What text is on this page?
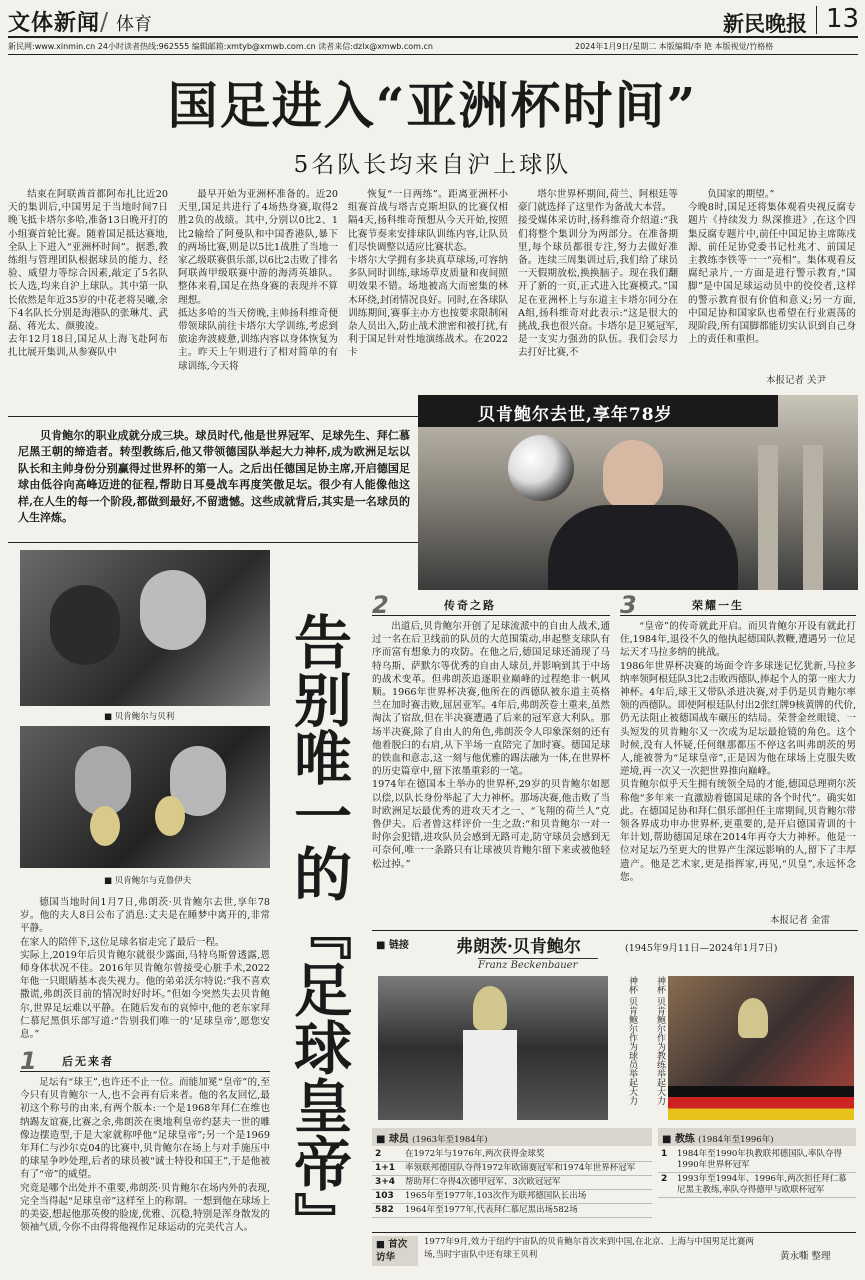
文体新闻 / 体育	新民晚报 13
新民网:www.xinmin.cn 24小时读者热线:962555 编辑邮箱:xmtyb@xmwb.com.cn 读者来信:dzlx@xmwb.com.cn	2024年1月9日/星期二 本版编辑/李 艳 本版视觉/竹格格
国足进入“亚洲杯时间”
5名队长均来自沪上球队
结束在阿联酋首都阿布扎比近20天的集训后,中国男足于当地时间7日晚飞抵卡塔尔多哈,准备13日晚开打的小组赛首轮比赛。随着国足抵达赛地,全队上下进入“亚洲杯时间”。据悉,教练组与管理团队根据球员的能力、经验、威望力等综合因素,敲定了5名队长人选,均来自沪上球队。其中第一队长依然是年近35岁的中花老将吴曦,余下4名队长分别是海港队的张琳芃、武磊、蒋光太、颜骏凌。
去年12月18日,国足从上海飞赴阿布扎比展开集训,从参赛队中
最早开始为亚洲杯准备的。近20天里,国足共进行了4场热身赛,取得2胜2负的战绩。其中,分别以0比2、1比2输给了阿曼队和中国香港队,暴下的两场比赛,则是以5比1战胜了当地一家乙级联赛俱乐部,以6比2击败了排名阿联酋甲级联赛中游的海湾英雄队。整体来看,国足在热身赛的表现并不算理想。
抵达多哈的当天傍晚,主帅扬科维奇便带领球队前往卡塔尔大学训练,考虑到旅途奔波疲惫,训练内容以身体恢复为主。昨天上午则进行了相对简单的有球训练,今天将
恢复“一日两练”。距离亚洲杯小组赛首战与塔吉克斯坦队的比赛仅相隔4天,扬科维奇预想从今天开始,按照比赛节奏来安排球队训练内容,让队员们尽快调整以适应比赛状态。
卡塔尔大学拥有多块真草球场,可容纳多队同时训练,球场草皮质量和夜间照明效果不错。场地被高大而密集的林木环绕,封闭情况良好。同时,在各球队训练期间,赛事主办方也按要求限制闲杂人员出入,防止战术泄密和被打扰,有利于国足针对性地演练战术。在2022卡
塔尔世界杯期间,荷兰、阿根廷等豪门就选择了这里作为备战大本营。
接受媒体采访时,扬科维奇介绍道:“我们将整个集训分为两部分。在准备期里,每个球员都很专注,努力去做好准备。连续三周集训过后,我们给了球员一天假期放松,换换脑子。现在我们翻开了新的一页,正式进入比赛模式。”国足在亚洲杯上与东道主卡塔尔同分在A组,扬科维奇对此表示:“这是很大的挑战,我也很兴奋。卡塔尔是卫冕冠军,是一支实力强劲的队伍。我们会尽力去打好比赛,不
负国家的期望。”
今晚8时,国足还将集体观看央视反腐专题片《持续发力 纵深推进》,在这个四集反腐专题片中,前任中国足协主席陈戌源、前任足协党委书记杜兆才、前国足主教练李铁等一一“亮相”。集体观看反腐纪录片,一方面是进行警示教育,“国脚”是中国足球运动员中的佼佼者,这样的警示教育很有价值和意义;另一方面,中国足协和国家队也希望在行业震荡的现阶段,所有国脚都能切实认识到自己身上的责任和重担。
本报记者 关尹
贝肯鲍尔去世,享年78岁
贝肯鲍尔的职业成就分成三块。球员时代,他是世界冠军、足球先生、拜仁慕尼黑王朝的缔造者。转型教练后,他又带领德国队举起大力神杯,成为欧洲足坛以队长和主帅身份分别赢得过世界杯的第一人。之后出任德国足协主席,开启德国足球由低谷向高峰迈进的征程,帮助日耳曼战车再度笑傲足坛。很少有人能像他这样,在人生的每一个阶段,都做到最好,不留遗憾。这些成就背后,其实是一名球员的人生淬炼。
■ 贝肯鲍尔与贝利
■ 贝肯鲍尔与克鲁伊夫 告别唯一的『足球皇帝』
德国当地时间1月7日,弗朗茨·贝肯鲍尔去世,享年78岁。他的夫人8日公布了消息:丈夫是在睡梦中离开的,非常平静。
在家人的陪伴下,这位足球名宿走完了最后一程。
实际上,2019年后贝肯鲍尔就很少露面,马特乌斯曾透露,恩师身体状况不佳。2016年贝肯鲍尔曾接受心脏手术,2022年他一只眼睛基本丧失视力。他的弟弟沃尔特说:“我不喜欢撒谎,弗朗茨目前的情况时好时坏。”但如今突然失去贝肯鲍尔,世界足坛难以平静。在随后发布的哀悼中,他的老东家拜仁慕尼黑俱乐部写道:“告别我们唯一的‘足球皇帝’,愿您安息。”
1	后无来者
足坛有“球王”,也许还不止一位。而能加冕“皇帝”的,至今只有贝肯鲍尔一人,也不会再有后来者。他的名友回忆,最初这个称号的由来,有两个版本:一个是1968年拜仁在维也纳踢友谊赛,比赛之余,弗朗茨在奥地利皇帝约瑟夫一世的雕像边摆造型,于是大家就称呼他“足球皇帝”;另一个是1969年拜仁与沙尔克04的比赛中,贝肯鲍尔在场上与对手施压中的球星争吵处理,后者的球员被“诚士特役和国王”,于是他被有了“帝”的威望。
究竟是哪个出处并不重要,弗朗茨·贝肯鲍尔在场内外的表现,完全当得起“足球皇帝”这样至上的称谓。一想到他在球场上的美姿,想起他那英俊的脸庞,优雅、沉稳,特别是浑身散发的领袖气质,今你不由得将他视作足球运动的完美代言人。
2	传奇之路
出道后,贝肯鲍尔开创了足球流派中的自由人战术,通过一名在后卫线前的队员的大范围策动,串起整支球队有序而富有想象力的攻防。在他之后,德国足球还涌现了马特乌斯、萨默尔等优秀的自由人球员,并影响到其于中场的战术变革。但弗朗茨追逐职业巅峰的过程绝非一帆风顺。1966年世界杯决赛,他所在的西德队被东道主英格兰在加时赛击败,屈居亚军。4年后,弗朗茨卷土重来,虽然淘汰了宿敌,但在半决赛遭遇了后来的冠军意大利队。那场半决赛,除了自由人的角色,弗朗茨令人印象深刻的还有他着脱臼的右肩,从下半场一直陪完了加时赛。德国足球的铁血和意志,这一刻与他优雅的踢法融为一体,在世界杯的历史篇章中,留下浓墨重彩的一笔。
1974年在德国本土举办的世界杯,29岁的贝肯鲍尔如愿以偿,以队长身份举起了大力神杯。那场决赛,他击败了当时欧洲足坛最优秀的进攻天才之一、“飞翔的荷兰人”克鲁伊夫。后者曾这样评价一生之敌:“和贝肯鲍尔一对一时你会犯错,进攻队员会感到无路可走,防守球员会感到无可奈何,唯一一条路只有让球被贝肯鲍尔留下来或被他轻松过掉。”
3	荣耀一生
“皇帝”的传奇就此开启。而贝肯鲍尔开设有就此打住,1984年,退役不久的他执起德国队教鞭,遭遇另一位足坛天才马拉多纳的挑战。
1986年世界杯决赛的场面令许多球迷记忆犹新,马拉多纳率领阿根廷队3比2击败西德队,捧起个人的第一座大力神杯。4年后,球王又带队杀进决赛,对手仍是贝肯鲍尔率领的西德队。即使阿根廷队付出2张红牌9核黄牌的代价,仍无法阻止被德国战车碾压的结局。荣誉金丝眼镜、一头短发的贝肯鲍尔又一次成为足坛最抢镜的角色。这个时候,没有人怀疑,任何继那都压不停这名叫弗朗茨的男人,能被誉为“足球皇帝”,正是因为他在球场上克服失败逆境,再一次又一次把世界推向巅峰。
贝肯鲍尔似乎天生拥有统领全局的才能,德国总理朔尔茨称他“多年来一直激励着德国足球的各个时代”。确实如此。在德国足协和拜仁俱乐部担任主席期间,贝肯鲍尔带领各界成功申办世界杯,更重要的,是开启德国青训的十年计划,帮助德国足球在2014年再夺大力神杯。他是一位对足坛乃至更大的世界产生深远影响的人,留下了丰厚遗产。他是艺术家,更是指挥家,再见,“贝皇”,永远怀念您。
本报记者 金雷
■ 链接	弗朗茨·贝肯鲍尔	(1945年9月11日—2024年1月7日)
Franz Beckenbauer
神杯 贝肯鲍尔作为球员举起大力
神杯 贝肯鲍尔作为教练举起大力
■ 球员 (1963年至1984年)
2	在1972年与1976年,两次获得金球奖
1+1	率领联邦德国队夺得1972年欧锦赛冠军和1974年世界杯冠军
3+4	帮助拜仁夺得4次德甲冠军、3次欧冠冠军
103	1965年至1977年,103次作为联邦德国队长出场
582	1964年至1977年,代表拜仁慕尼黑出场582场
■ 教练 (1984年至1996年)
1	1984年至1990年执教联邦德国队,率队夺得1990年世界杯冠军
2	1993年至1994年、1996年,两次担任拜仁慕尼黑主教练,率队夺得德甲与欧联杯冠军
■ 首次访华
1977年9月,效力于纽约宇宙队的贝肯鲍尔首次来到中国,在北京、上海与中国男足比赛两场,当时宇宙队中还有球王贝利	黄永嘶 整理
